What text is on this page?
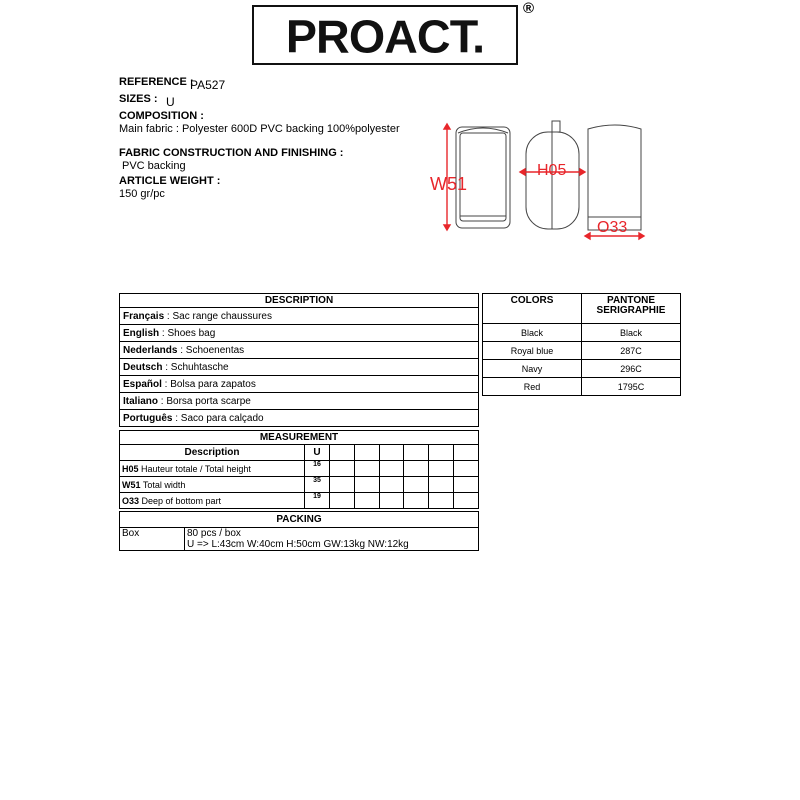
PROACT.
®
REFERENCE :
PA527
SIZES : U
COMPOSITION :
Main fabric : Polyester 600D PVC backing 100%polyester
FABRIC CONSTRUCTION AND FINISHING :
PVC backing
ARTICLE WEIGHT :
150 gr/pc	W51
H05
O33
DESCRIPTION
Français : Sac range chaussures
English : Shoes bag
Nederlands : Schoenentas
Deutsch : Schuhtasche
Español : Bolsa para zapatos
Italiano : Borsa porta scarpe
Português : Saco para calçado
COLORS	PANTONE
SERIGRAPHIE
Black	Black
Royal blue	287C
Navy	296C
Red	1795C
MEASUREMENT							
Description	U						
H05 Hauteur totale / Total height	16						
W51 Total width	35						
O33 Deep of bottom part	19						
PACKING
Box	80 pcs / box
U => L:43cm W:40cm H:50cm GW:13kg NW:12kg
